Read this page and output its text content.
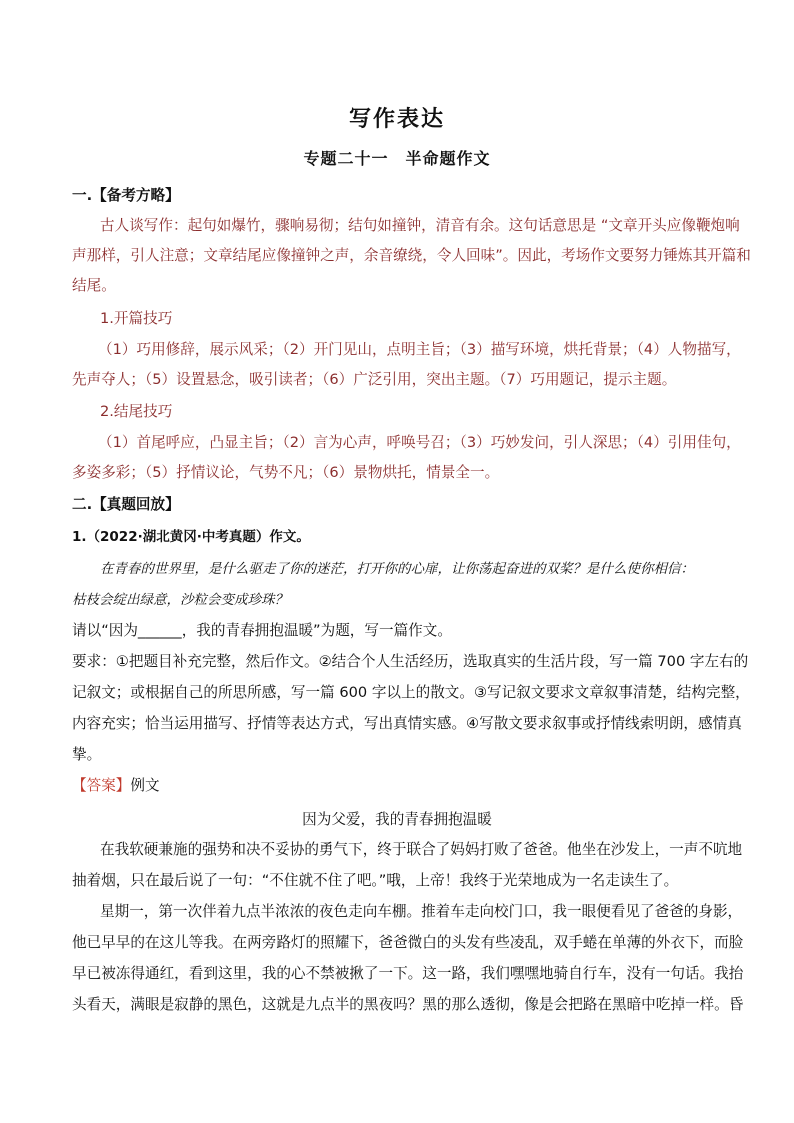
写作表达
专题二十一　半命题作文
一.【备考方略】
古人谈写作：起句如爆竹，骤响易彻；结句如撞钟，清音有余。这句话意思是 “文章开头应像鞭炮响
声那样，引人注意；文章结尾应像撞钟之声，余音缭绕，令人回味”。因此，考场作文要努力锤炼其开篇和
结尾。
1.开篇技巧
（1）巧用修辞，展示风采；（2）开门见山，点明主旨；（3）描写环境，烘托背景；（4）人物描写，
先声夺人；（5）设置悬念，吸引读者；（6）广泛引用，突出主题。（7）巧用题记，提示主题。
2.结尾技巧
（1）首尾呼应，凸显主旨；（2）言为心声，呼唤号召；（3）巧妙发问，引人深思；（4）引用佳句，
多姿多彩；（5）抒情议论，气势不凡；（6）景物烘托，情景全一。
二.【真题回放】
1.（2022·湖北黄冈·中考真题）作文。
在青春的世界里，是什么驱走了你的迷茫，打开你的心扉，让你荡起奋进的双桨？是什么使你相信：
枯枝会绽出绿意，沙粒会变成珍珠？
请以“因为______，我的青春拥抱温暖”为题，写一篇作文。
要求：①把题目补充完整，然后作文。②结合个人生活经历，选取真实的生活片段，写一篇 700 字左右的
记叙文；或根据自己的所思所感，写一篇 600 字以上的散文。③写记叙文要求文章叙事清楚，结构完整，
内容充实；恰当运用描写、抒情等表达方式，写出真情实感。④写散文要求叙事或抒情线索明朗，感情真
挚。
【答案】例文
因为父爱，我的青春拥抱温暖
在我软硬兼施的强势和决不妥协的勇气下，终于联合了妈妈打败了爸爸。他坐在沙发上，一声不吭地
抽着烟，只在最后说了一句：“不住就不住了吧。”哦，上帝！我终于光荣地成为一名走读生了。
星期一，第一次伴着九点半浓浓的夜色走向车棚。推着车走向校门口，我一眼便看见了爸爸的身影，
他已早早的在这儿等我。在两旁路灯的照耀下，爸爸微白的头发有些凌乱，双手蜷在单薄的外衣下，而脸
早已被冻得通红，看到这里，我的心不禁被揪了一下。这一路，我们嘿嘿地骑自行车，没有一句话。我抬
头看天，满眼是寂静的黑色，这就是九点半的黑夜吗？黑的那么透彻，像是会把路在黑暗中吃掉一样。昏
